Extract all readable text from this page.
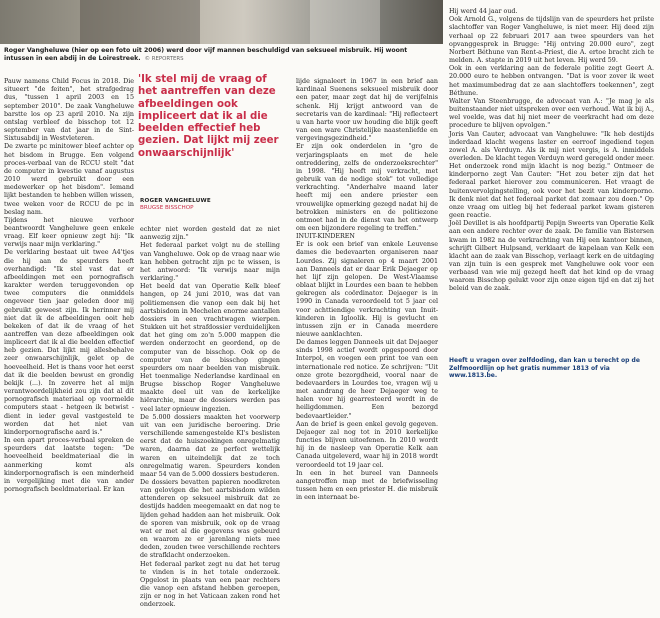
Roger Vangheluwe (hier op een foto uit 2006) werd door vijf mannen beschuldigd van seksueel misbruik. Hij woont intussen in een abdij in de Loirestreek. © REPORTERS

Pauw namens Child Focus in 2018. Die situeert "de feiten", het strafgedrag dus, "tussen 1 april 2003 en 15 september 2010". De zaak Vangheluwe barstte los op 23 april 2010. Na zijn ontslag verbleef de bisschop tot 12 september van dat jaar in de Sint-Sixtusabdij in Westvleteren.
De zwarte pc minitower bleef achter op het bisdom in Brugge. Een volgend proces-verbaal van de RCCU stelt "dat de computer in kwestie vanaf augustus 2010 werd gebruikt door een medewerker op het bisdom". Iemand lijkt bestanden te hebben willen wissen, twee weken voor de RCCU de pc in beslag nam.
Tijdens het nieuwe verhoor beantwoordt Vangheluwe geen enkele vraag. Elf keer opnieuw zegt hij: "Ik verwijs naar mijn verklaring."
De verklaring bestaat uit twee A4'tjes die hij aan de speurders heeft overhandigd: "Ik stel vast dat er afbeeldingen met een pornografisch karakter werden teruggevonden op twee computers die onmiddels ongeveer tien jaar geleden door mij gebruikt geweest zijn. Ik herinner mij niet dat ik de afbeeldingen ooit heb bekeken of dat ik de vraag of het aantreffen van deze afbeeldingen ook impliceert dat ik al die beelden effectief heb gezien. Dat lijkt mij allesbehalve zeer onwaarschijnlijk, gelet op de hoeveelheid. Het is thans voor het eerst dat ik die beelden bewust en grondig bekijk (...). In zoverre het al mijn verantwoordelijkheid zou zijn dat al dit pornografisch materiaal op voormelde computers staat - hetgeen ik betwist - dient in ieder geval vastgesteld te worden dat het niet van kinderpornografische aard is."
In een apart proces-verbaal spreken de speurders dat laatste tegen: "De hoeveelheid beeldmateriaal die in aanmerking komt als kinderpornografisch is een minderheid in vergelijking met die van ander pornografisch beeldmateriaal. Er kan

'Ik stel mij de vraag of het aantreffen van deze afbeeldingen ook impliceert dat ik al die beelden effectief heb gezien. Dat lijkt mij zeer onwaarschijnlijk'
ROGER VANGHELUWE
BRUGSE BISSCHOP

echter niet worden gesteld dat ze niet aanwezig zijn."
Het federaal parket volgt nu de stelling van Vangheluwe. Ook op de vraag naar wie kan hebben getracht zijn pc te wissen, is het antwoord: "Ik verwijs naar mijn verklaring."
Het beeld dat van Operatie Kelk bleef hangen, op 24 juni 2010, was dat van politiemensen die vanop een dak bij het aartsbisdom in Mechelen enorme aantallen dossiers in een vrachtwagen wierpen. Stukken uit het strafdossier verduidelijken dat het ging om zo'n 5.000 mappen die werden onderzocht en geordend, op de computer van de bisschop. Ook op de computer van de bisschop gingen speurders om naar beelden van misbruik. Het toenmalige Nederlandse kardinaal en Brugse bisschop Roger Vangheluwe maakte deel uit van de kerkelijke hiërarchie, maar de dossiers werden pas veel later opnieuw ingezien.
De 5.000 dossiers maakten het voorwerp uit van een juridische beroering. Drie verschillende samengestelde KI's beslisten eerst dat de huiszoekingen onregelmatig waren, daarna dat ze perfect wettelijk waren en uiteindelijk dat ze toch onregelmatig waren. Speurders konden maar 54 van de 5.000 dossiers bestuderen.
De dossiers bevatten papieren noodkreten van gelovigen die het aartsbisdom wilden attenderen op seksueel misbruik dat ze destijds hadden meegemaakt en dat nog te lijden gehad hadden aan het misbruik. Ook de sporen van misbruik, ook op de vraag wat er met al die gegevens was gebeurd en waarom ze er jarenlang niets mee deden, zouden twee verschillende rechters de strafklacht onderzoeken.
Het federaal parket zegt nu dat het terug te vinden is in het totale onderzoek. Opgelost in plaats van een paar rechters die vanop een afstand hebben geroepen, zijn er nog in het Vaticaan zaken rond het onderzoek.

lijde signaleert in 1967 in een brief aan kardinaal Suenens seksueel misbruik door een pater, maar zegt dat hij de verijfelnis schenk. Hij krijgt antwoord van de secretaris van de kardinaal: "Hij reflecteert u van harte voor uw houding die blijk geeft van een ware Christelijke naastenliefde en vergevingsgezindheid."
Er zijn ook onderdelen in "gro de verjaringsplaats en met de hele ontreddering, zelfs de onderzoeksrechter" in 1998. "Hij heeft mij verkracht, met gebruik van de nodige stok" tot volledige verkrachting. "Anderhalve maand later heeft mij een andere priester een vrouwelijke opmerking gezegd nadat hij de betrokken ministers en de politiezone ontmoet had in de dienst van het ontwerp om een bijzondere regeling te treffen."
INUIT-KINDEREN
Er is ook een brief van enkele Leuvense dames die bedevaarten organiseren naar Lourdes. Zij signaleren op 4 maart 2001 aan Danneels dat er daar Erik Dejaeger op het lijf zijn gelopen. De West-Vlaamse oblaat blijkt in Lourdes een baan te hebben gekregen als coördinator. Dejaeger is in 1990 in Canada veroordeeld tot 5 jaar cel voor achttiendige verkrachting van Inuit-kinderen in Igloolik. Hij is gevlucht en intussen zijn er in Canada meerdere nieuwe aanklachten.
De dames leggen Danneels uit dat Dejaeger sinds 1998 actief wordt opgespoord door Interpol, en voegen een print toe van een internationale red notice. Ze schrijven: "Uit onze grote bezorgdheid, vooral naar de bedevaarders in Lourdes toe, vragen wij u met aandrang de heer Dejaeger weg te halen voor hij gearresteerd wordt in de heiligdommen. Een bezorgd bedevaartleider."
Aan de brief is geen enkel gevolg gegeven. Dejaeger zal nog tot in 2010 kerkelijke functies blijven uitoefenen. In 2010 wordt hij in de nasleep van Operatie Kelk aan Canada uitgeleverd, waar hij in 2018 wordt veroordeeld tot 19 jaar cel.
In een in het bureel van Danneels aangetroffen map met de briefwisseling tussen hem en een priester H. die misbruik in een internaat be-

Hij werd 44 jaar oud.
Ook Arnold G., volgens de tijdslijn van de speurders het prilste slachtoffer van Roger Vangheluwe, is niet meer. Hij deed zijn verhaal op 22 februari 2017 aan twee speurders van het opvanggesprek in Brugge: "Hij ontving 20.000 euro", zegt Norbert Béthune van Rent-a-Priest, die A. ertoe bracht zich te melden. A. stapte in 2019 uit het leven. Hij werd 59.
Ook in een verklaring aan de federale politie zegt Geert A. 20.000 euro te hebben ontvangen. "Dat is voor zover ik weet het maximumbedrag dat ze aan slachtoffers toekennen", zegt Béthune.
Walter Van Steenbrugge, de advocaat van A.: "Je mag je als buitenstaander niet uitspreken over een verhoud. Wat ik bij A., wel voelde, was dat hij niet meer de veerkracht had om deze procedure te blijven opvolgen."
Joris Van Cauter, advocaat van Vangheluwe: "Ik heb destijds inderdaad klacht wegens laster en eerroof ingediend tegen zowel A. als Verduyn. Als ik mij niet vergis, is A. inmiddels overleden. De klacht tegen Verduyn werd geregeld onder meer. Het onderzoek rond mijn klacht is nog bezig." Ontmeer de kinderporno zegt Van Cauter: "Het zou beter zijn dat het federaal parket hierover zou communiceren. Het vraagt de buitenvervolgingstelling, ook voor het bezit van kinderporno. Ik denk niet dat het federaal parket dat zomaar zou doen." Op onze vraag om uitleg bij het federaal parket kwam gisteren geen reactie.
Joël Devillet is als hoofdpartij Pepijn Sweerts van Operatie Kelk aan een andere rechter over de zaak. De familie van Bistersen kwam in 1982 na de verkrachting van Hij een kantoor binnen, schrijft Gilbert Hulpsand, verklaart de kapelaan van Kelk een klacht aan de zaak van Bisschop, verlaagt kerk en de uitdaging van zijn tuin is een gesprek met Vangheluwe ook voor een verbaasd van wie mij gezegd heeft dat het kind op de vraag waarom Bisschop gelukt voor zijn onze eigen tijd en dat zij het beleid van de zaak.

Heeft u vragen over zelfdoding, dan kan u terecht op de Zelfmoordlijn op het gratis nummer 1813 of via www.1813.be.
